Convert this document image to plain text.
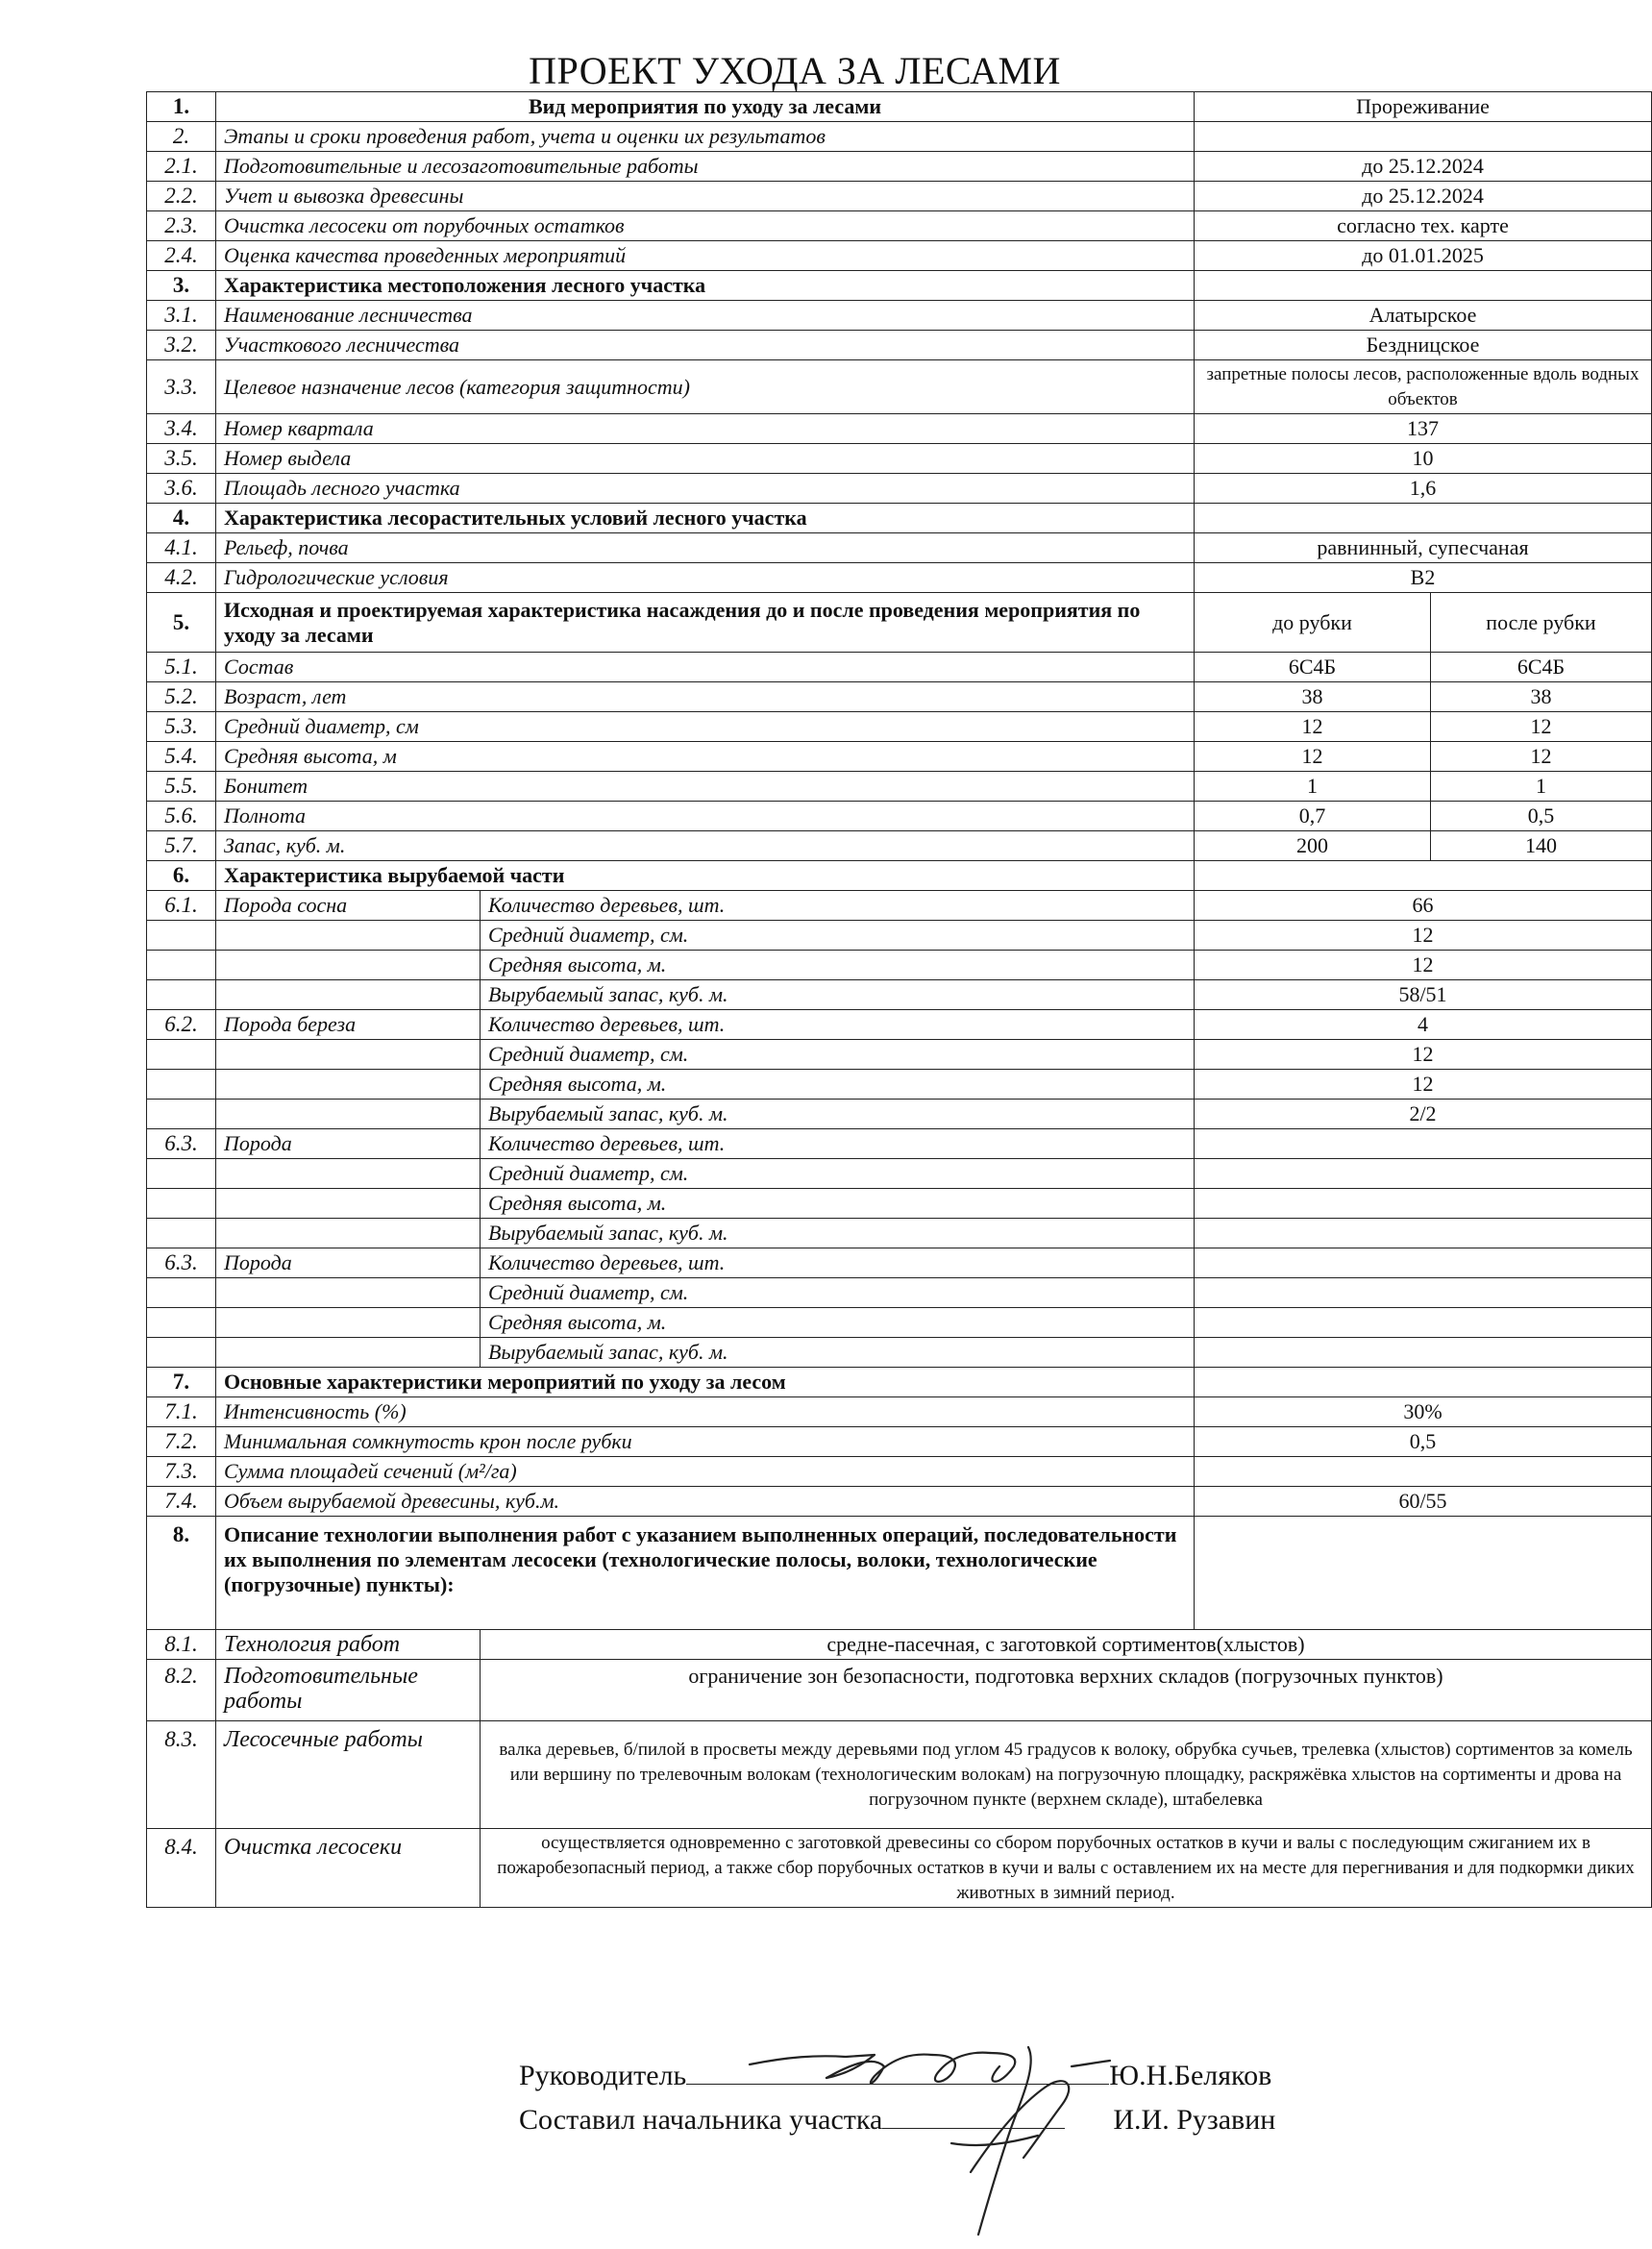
ПРОЕКТ УХОДА ЗА ЛЕСАМИ
1.	Вид мероприятия по уходу за лесами		Прореживание	
2.	Этапы и сроки проведения работ, учета и оценки их результатов			
2.1.	Подготовительные и лесозаготовительные работы		до 25.12.2024	
2.2.	Учет и вывозка древесины		до 25.12.2024	
2.3.	Очистка лесосеки от порубочных остатков		согласно тех. карте	
2.4.	Оценка качества проведенных мероприятий		до 01.01.2025	
3.	Характеристика местоположения лесного участка			
3.1.	Наименование лесничества		Алатырское	
3.2.	Участкового лесничества		Бездницское	
3.3.	Целевое назначение лесов (категория защитности)		запретные полосы лесов, расположенные вдоль водных объектов	
3.4.	Номер квартала		137	
3.5.	Номер выдела		10	
3.6.	Площадь лесного участка		1,6	
4.	Характеристика лесорастительных условий лесного участка			
4.1.	Рельеф, почва		равнинный, супесчаная	
4.2.	Гидрологические условия		В2	
5.	Исходная и проектируемая характеристика насаждения до и после проведения мероприятия по уходу за лесами		до рубки	после рубки
5.1.	Состав		6С4Б	6С4Б
5.2.	Возраст, лет		38	38
5.3.	Средний диаметр, см		12	12
5.4.	Средняя высота, м		12	12
5.5.	Бонитет		1	1
5.6.	Полнота		0,7	0,5
5.7.	Запас, куб. м.		200	140
6.	Характеристика вырубаемой части			
6.1.	Порода сосна	Количество деревьев, шт.	66	
		Средний диаметр, см.	12	
		Средняя высота, м.	12	
		Вырубаемый запас, куб. м.	58/51	
6.2.	Порода береза	Количество деревьев, шт.	4	
		Средний диаметр, см.	12	
		Средняя высота, м.	12	
		Вырубаемый запас, куб. м.	2/2	
6.3.	Порода	Количество деревьев, шт.		
		Средний диаметр, см.		
		Средняя высота, м.		
		Вырубаемый запас, куб. м.		
6.3.	Порода	Количество деревьев, шт.		
		Средний диаметр, см.		
		Средняя высота, м.		
		Вырубаемый запас, куб. м.		
7.	Основные характеристики мероприятий по уходу за лесом			
7.1.	Интенсивность (%)		30%	
7.2.	Минимальная сомкнутость крон после рубки		0,5	
7.3.	Сумма площадей сечений (м²/га)			
7.4.	Объем вырубаемой древесины, куб.м.		60/55	
8.	Описание технологии выполнения работ с указанием выполненных операций, последовательности их выполнения по элементам лесосеки (технологические полосы, волоки, технологические (погрузочные) пункты):			
8.1.	Технология работ	средне-пасечная, с заготовкой сортиментов(хлыстов)		
8.2.	Подготовительные работы	ограничение зон безопасности, подготовка верхних складов (погрузочных пунктов)		
8.3.	Лесосечные работы	валка деревьев, б/пилой в просветы между деревьями под углом 45 градусов к волоку, обрубка сучьев, трелевка (хлыстов) сортиментов за комель или вершину по трелевочным волокам (технологическим волокам) на погрузочную площадку, раскряжёвка хлыстов на сортименты и дрова на погрузочном пункте (верхнем складе), штабелевка		
8.4.	Очистка лесосеки	осуществляется одновременно с заготовкой древесины со сбором порубочных остатков в кучи и валы с последующим сжиганием их в пожаробезопасный период, а также сбор порубочных остатков в кучи и валы с оставлением их на месте для перегнивания и для подкормки диких животных в зимний период.		
Руководитель	Ю.Н.Беляков
Составил начальника участка	И.И. Рузавин
